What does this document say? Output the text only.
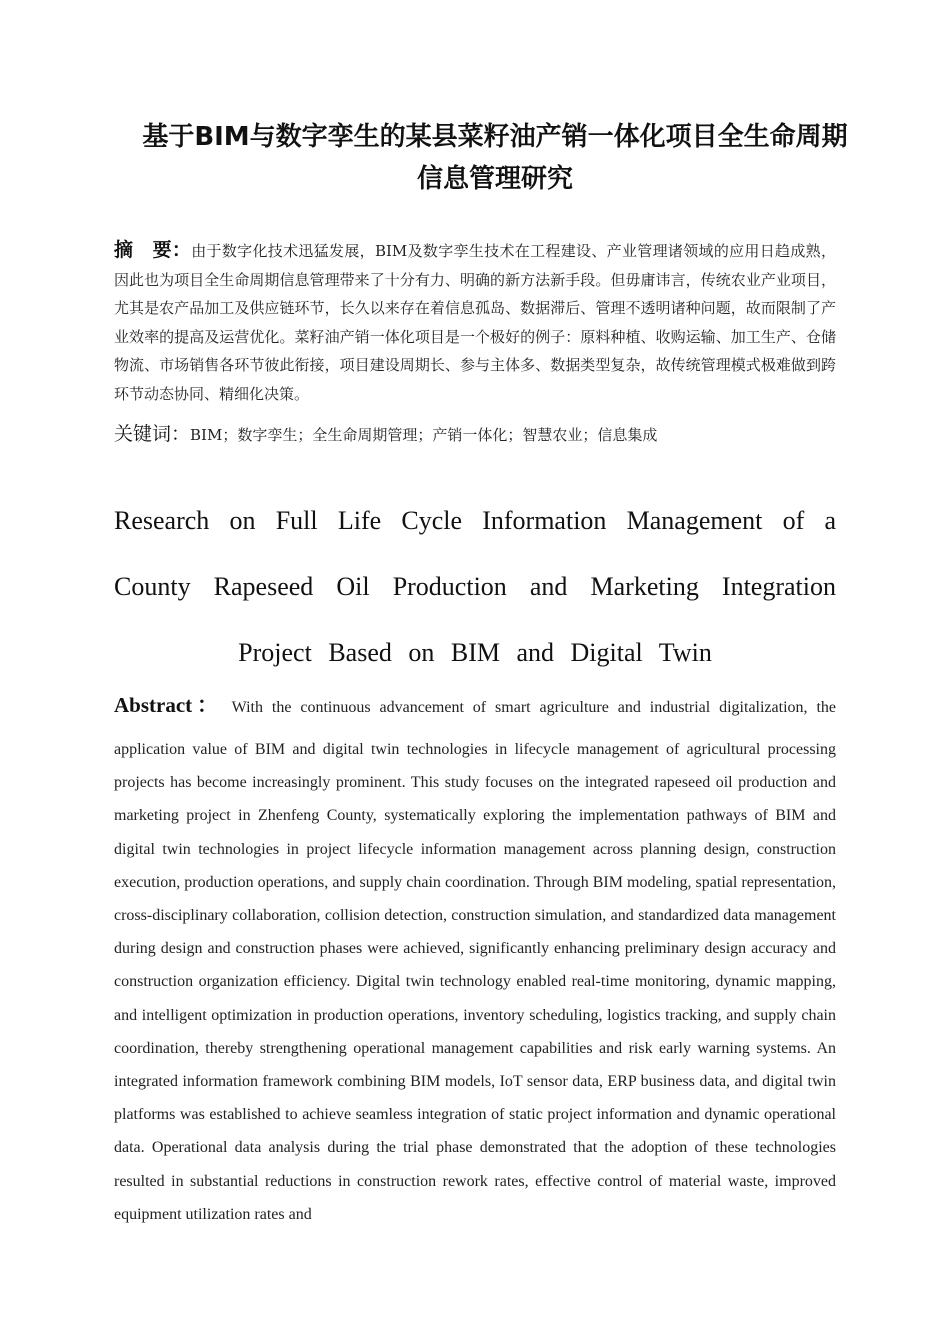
基于BIM与数字孪生的某县菜籽油产销一体化项目全生命周期信息管理研究
摘　要：由于数字化技术迅猛发展，BIM及数字孪生技术在工程建设、产业管理诸领域的应用日趋成熟，因此也为项目全生命周期信息管理带来了十分有力、明确的新方法新手段。但毋庸讳言，传统农业产业项目，尤其是农产品加工及供应链环节，长久以来存在着信息孤岛、数据滞后、管理不透明诸种问题，故而限制了产业效率的提高及运营优化。菜籽油产销一体化项目是一个极好的例子：原料种植、收购运输、加工生产、仓储物流、市场销售各环节彼此衔接，项目建设周期长、参与主体多、数据类型复杂，故传统管理模式极难做到跨环节动态协同、精细化决策。
关键词：BIM；数字孪生；全生命周期管理；产销一体化；智慧农业；信息集成
Research on Full Life Cycle Information Management of a
County Rapeseed Oil Production and Marketing Integration
Project Based on BIM and Digital Twin
Abstract： With the continuous advancement of smart agriculture and industrial digitalization, the
application value of BIM and digital twin technologies in lifecycle management of agricultural processing projects has become increasingly prominent. This study focuses on the integrated rapeseed oil production and marketing project in Zhenfeng County, systematically exploring the implementation pathways of BIM and digital twin technologies in project lifecycle information management across planning design, construction execution, production operations, and supply chain coordination. Through BIM modeling, spatial representation, cross-disciplinary collaboration, collision detection, construction simulation, and standardized data management during design and construction phases were achieved, significantly enhancing preliminary design accuracy and construction organization efficiency. Digital twin technology enabled real-time monitoring, dynamic mapping, and intelligent optimization in production operations, inventory scheduling, logistics tracking, and supply chain coordination, thereby strengthening operational management capabilities and risk early warning systems. An integrated information framework combining BIM models, IoT sensor data, ERP business data, and digital twin platforms was established to achieve seamless integration of static project information and dynamic operational data. Operational data analysis during the trial phase demonstrated that the adoption of these technologies resulted in substantial reductions in construction rework rates, effective control of material waste, improved equipment utilization rates and
